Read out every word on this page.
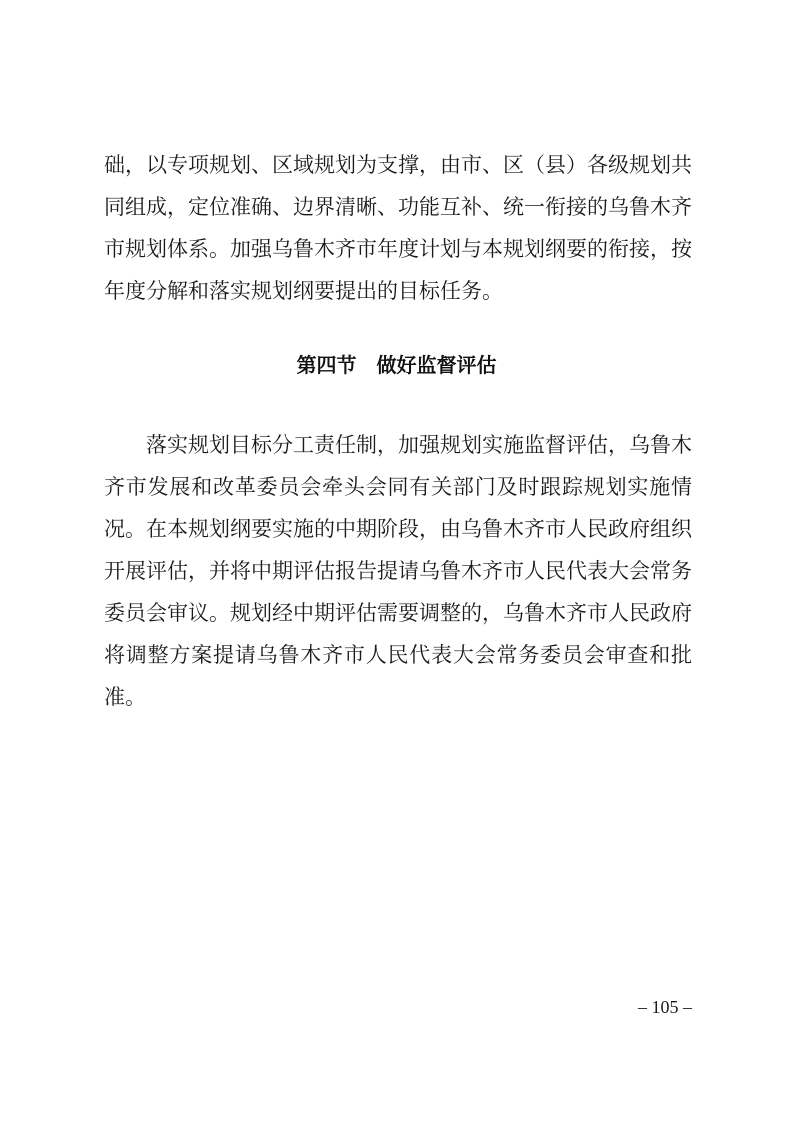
础，以专项规划、区域规划为支撑，由市、区（县）各级规划共
同组成，定位准确、边界清晰、功能互补、统一衔接的乌鲁木齐
市规划体系。加强乌鲁木齐市年度计划与本规划纲要的衔接，按
年度分解和落实规划纲要提出的目标任务。
第四节　做好监督评估
落实规划目标分工责任制，加强规划实施监督评估，乌鲁木
齐市发展和改革委员会牵头会同有关部门及时跟踪规划实施情
况。在本规划纲要实施的中期阶段，由乌鲁木齐市人民政府组织
开展评估，并将中期评估报告提请乌鲁木齐市人民代表大会常务
委员会审议。规划经中期评估需要调整的，乌鲁木齐市人民政府
将调整方案提请乌鲁木齐市人民代表大会常务委员会审查和批
准。
– 105 –
